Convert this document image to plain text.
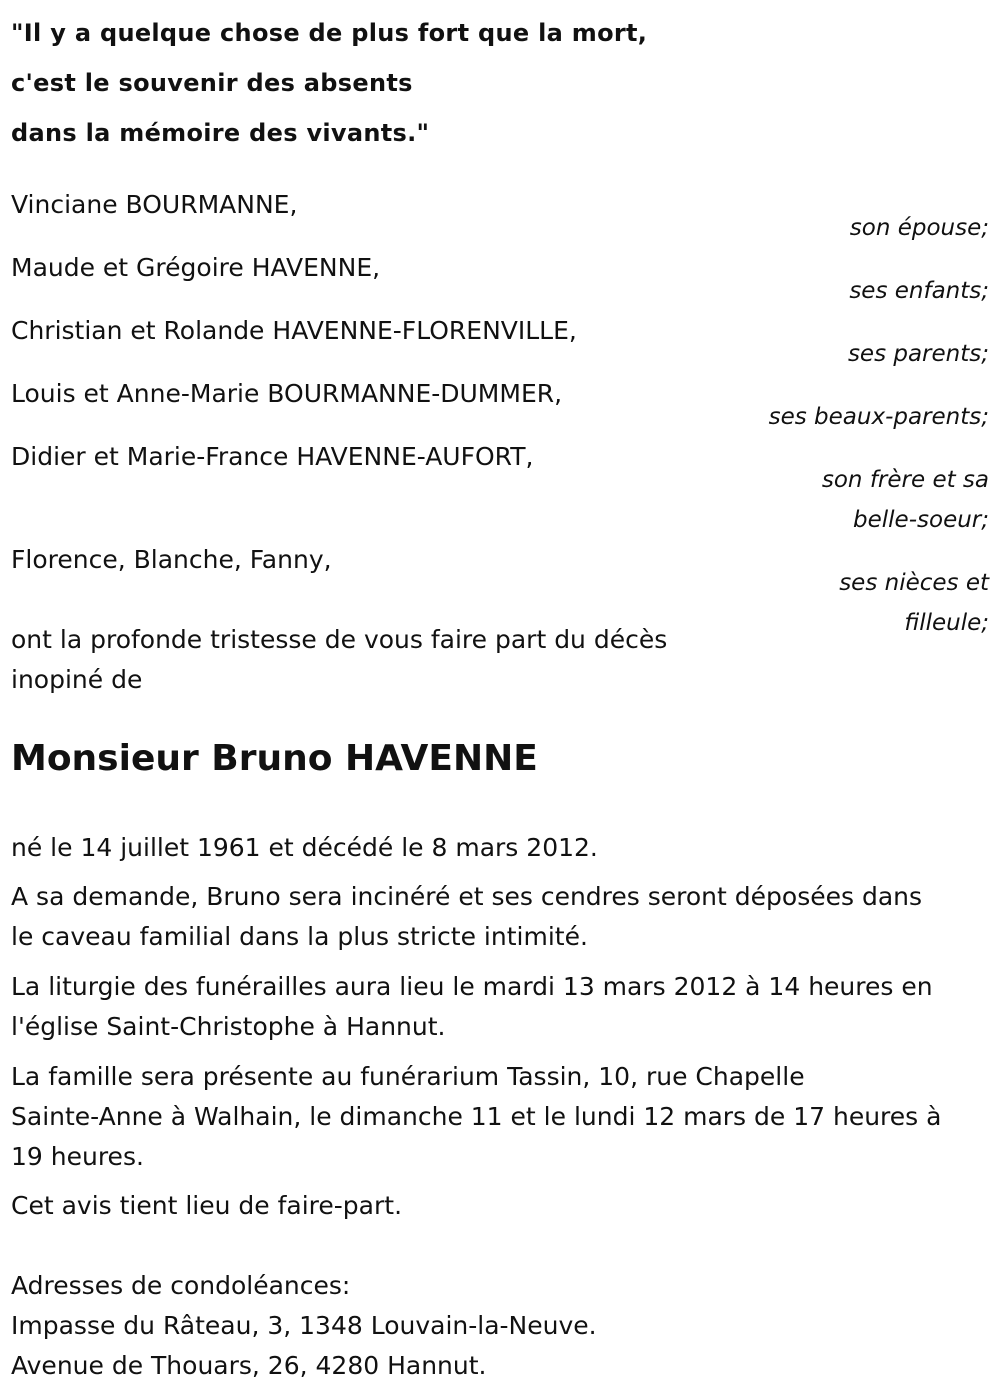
"Il y a quelque chose de plus fort que la mort,
c'est le souvenir des absents
dans la mémoire des vivants."
Vinciane BOURMANNE,
Maude et Grégoire HAVENNE,
Christian et Rolande HAVENNE-FLORENVILLE,
Louis et Anne-Marie BOURMANNE-DUMMER,
Didier et Marie-France HAVENNE-AUFORT,
Florence, Blanche, Fanny,
son épouse;
ses enfants;
ses parents;
ses beaux-parents;
son frère et sa
belle-soeur;
ses nièces et
filleule;
ont la profonde tristesse de vous faire part du décès
inopiné de
Monsieur Bruno HAVENNE
né le 14 juillet 1961 et décédé le 8 mars 2012.
A sa demande, Bruno sera incinéré et ses cendres seront déposées dans
le caveau familial dans la plus stricte intimité.
La liturgie des funérailles aura lieu le mardi 13 mars 2012 à 14 heures en
l'église Saint-Christophe à Hannut.
La famille sera présente au funérarium Tassin, 10, rue Chapelle
Sainte-Anne à Walhain, le dimanche 11 et le lundi 12 mars de 17 heures à
19 heures.
Cet avis tient lieu de faire-part.
Adresses de condoléances:
Impasse du Râteau, 3, 1348 Louvain-la-Neuve.
Avenue de Thouars, 26, 4280 Hannut.
